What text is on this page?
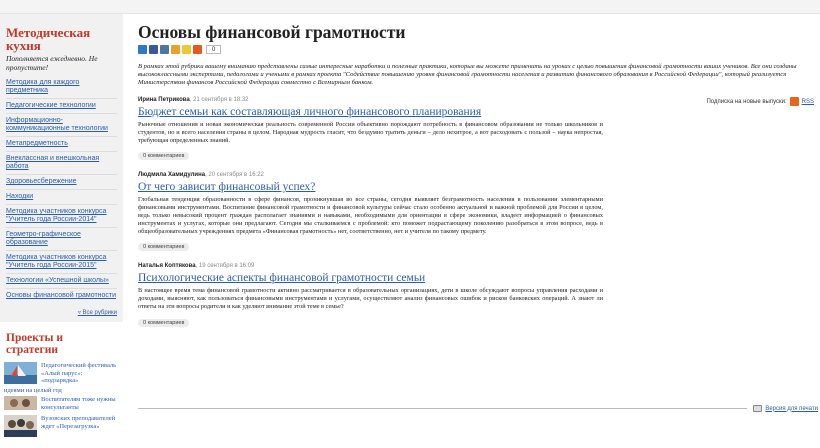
Методическая кухня
Пополняется ежедневно. Не пропустите!
Методика для каждого предметника
Педагогические технологии
Информационно-коммуникационные технологии
Метапредметность
Внеклассная и внешкольная работа
Здоровьесбережение
Находки
Методика участников конкурса "Учитель года России-2014"
Геометро-графическое образование
Методика участников конкурса "Учитель года России-2015"
Технологии «Успешной школы»
Основы финансовой грамотности
▿ Все рубрики
Проекты и стратегии
Педагогический фестиваль «Алый парус»: «подзарядка»
идеями на целый год
Воспитателям тоже нужны консультанты
Вузовских преподавателей ждет «Перезагрузка»
Основы финансовой грамотности
0

В рамках этой рубрики вашему вниманию представлены самые интересные наработки и полезные практики, которые вы можете применить на уроках с целью повышения финансовой грамотности ваших учеников. Все они созданы высококлассными экспертами, педагогами и учеными в рамках проекта "Содействие повышению уровня финансовой грамотности населения и развитию финансового образования в Российской Федерации", который реализуется Министерством финансов Российской Федерации совместно с Всемирным банком.

Ирина Петрикова, 21 сентября в 18:32
Бюджет семьи как составляющая личного финансового планирования

Рыночные отношения и новая экономическая реальность современной России объективно порождают потребность в финансовом образовании не только школьников и студентов, но и всего населения страны в целом. Народная мудрость гласит, что бездумно тратить деньги – дело нехитрое, а вот расходовать с пользой – наука непростая, требующая определенных знаний.

0 комментариев
Людмила Хамидулина, 20 сентября в 16:22
От чего зависит финансовый успех?

Глобальная тенденция образованности в сфере финансов, проникнувшая во все страны, сегодня выявляет безграмотность населения в пользовании элементарными финансовыми инструментами. Воспитание финансовой грамотности и финансовой культуры сейчас стало особенно актуальной и важной проблемой для России в целом, ведь только невысокий процент граждан располагает знаниями и навыками, необходимыми для ориентации в сфере экономики, владеет информацией о финансовых инструментах и услугах, которые они предлагают. Сегодня мы сталкиваемся с проблемой: кто поможет подрастающему поколению разобраться в этом вопросе, ведь в общеобразовательных учреждениях предмета «Финансовая грамотность» нет, соответственно, нет и учителя по такому предмету.

0 комментариев
Наталья Коптякова, 19 сентября в 16:09
Психологические аспекты финансовой грамотности семьи

В настоящее время тема финансовой грамотности активно рассматривается в образовательных организациях, дети в школе обсуждают вопросы управления расходами и доходами, выясняют, как пользоваться финансовыми инструментами и услугами, осуществляют анализ финансовых ошибок и рисков банковских операций. А знают ли ответы на эти вопросы родители и как уделяют внимание этой теме в семье?

0 комментариев
Подписка на новые выпуски:	RSS
Версия для печати
